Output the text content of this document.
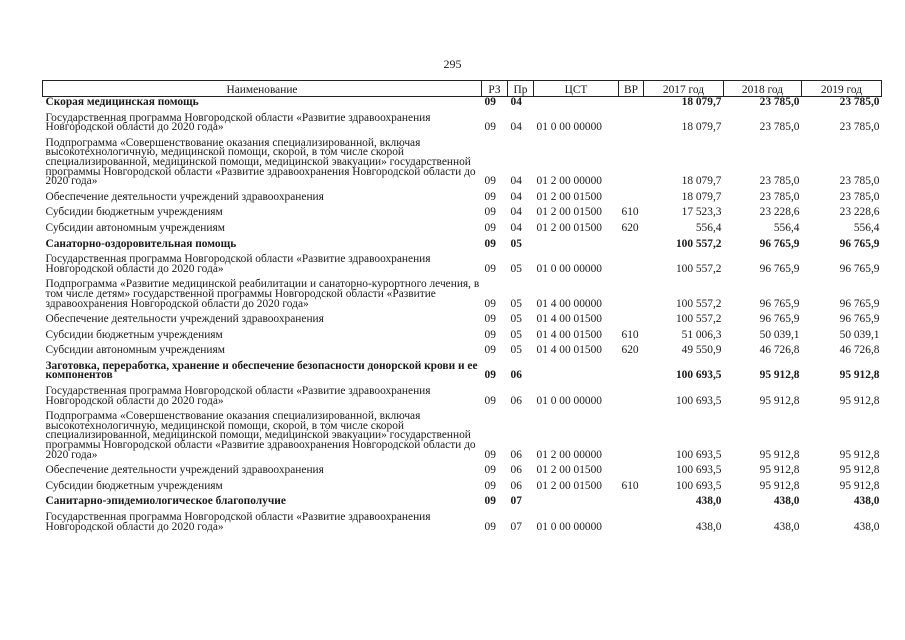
295
Наименование	РЗ	Пр	ЦСТ	ВР	2017 год	2018 год	2019 год
Скорая медицинская помощь	09	04			18 079,7	23 785,0	23 785,0
Государственная программа Новгородской области «Развитие здравоохранения Новгородской области до 2020 года»	09	04	01 0 00 00000		18 079,7	23 785,0	23 785,0
Подпрограмма «Совершенствование оказания специализированной, включая высокотехнологичную, медицинской помощи, скорой, в том числе скорой специализированной, медицинской помощи, медицинской эвакуации» государственной программы Новгородской области «Развитие здравоохранения Новгородской области до 2020 года»	09	04	01 2 00 00000		18 079,7	23 785,0	23 785,0
Обеспечение деятельности учреждений здравоохранения	09	04	01 2 00 01500		18 079,7	23 785,0	23 785,0
Субсидии бюджетным учреждениям	09	04	01 2 00 01500	610	17 523,3	23 228,6	23 228,6
Субсидии автономным учреждениям	09	04	01 2 00 01500	620	556,4	556,4	556,4
Санаторно-оздоровительная помощь	09	05			100 557,2	96 765,9	96 765,9
Государственная программа Новгородской области «Развитие здравоохранения Новгородской области до 2020 года»	09	05	01 0 00 00000		100 557,2	96 765,9	96 765,9
Подпрограмма «Развитие медицинской реабилитации и санаторно-курортного лечения, в том числе детям» государственной программы Новгородской области «Развитие здравоохранения Новгородской области до 2020 года»	09	05	01 4 00 00000		100 557,2	96 765,9	96 765,9
Обеспечение деятельности учреждений здравоохранения	09	05	01 4 00 01500		100 557,2	96 765,9	96 765,9
Субсидии бюджетным учреждениям	09	05	01 4 00 01500	610	51 006,3	50 039,1	50 039,1
Субсидии автономным учреждениям	09	05	01 4 00 01500	620	49 550,9	46 726,8	46 726,8
Заготовка, переработка, хранение и обеспечение безопасности донорской крови и ее компонентов	09	06			100 693,5	95 912,8	95 912,8
Государственная программа Новгородской области «Развитие здравоохранения Новгородской области до 2020 года»	09	06	01 0 00 00000		100 693,5	95 912,8	95 912,8
Подпрограмма «Совершенствование оказания специализированной, включая высокотехнологичную, медицинской помощи, скорой, в том числе скорой специализированной, медицинской помощи, медицинской эвакуации» государственной программы Новгородской области «Развитие здравоохранения Новгородской области до 2020 года»	09	06	01 2 00 00000		100 693,5	95 912,8	95 912,8
Обеспечение деятельности учреждений здравоохранения	09	06	01 2 00 01500		100 693,5	95 912,8	95 912,8
Субсидии бюджетным учреждениям	09	06	01 2 00 01500	610	100 693,5	95 912,8	95 912,8
Санитарно-эпидемиологическое благополучие	09	07			438,0	438,0	438,0
Государственная программа Новгородской области «Развитие здравоохранения Новгородской области до 2020 года»	09	07	01 0 00 00000		438,0	438,0	438,0
